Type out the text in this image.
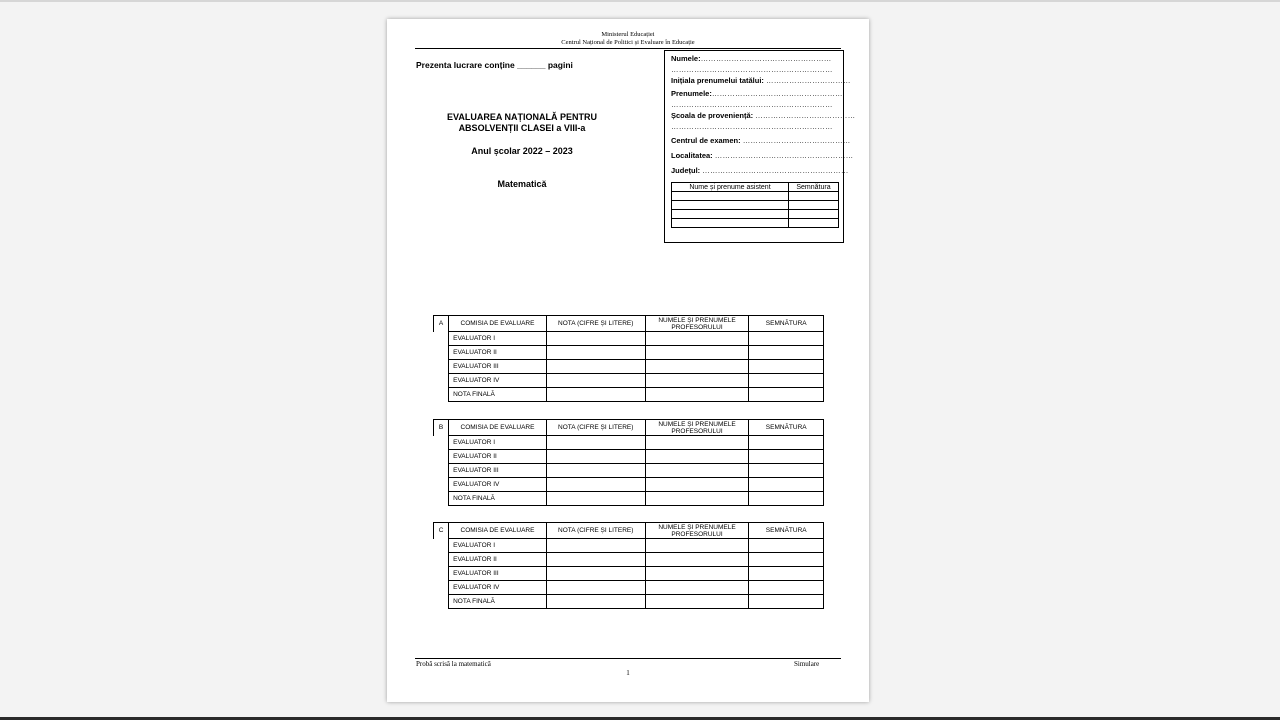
Ministerul Educației
Centrul Național de Politici și Evaluare în Educație
Prezenta lucrare conține ______ pagini
EVALUAREA NAȚIONALĂ PENTRU
ABSOLVENȚII CLASEI a VIII-a
Anul școlar 2022 – 2023
Matematică
Numele:……………………………………………
………………………………………………………
Inițiala prenumelui tatălui: ……………………………
Prenumele:……………………………………………
………………………………………………………
Școala de proveniență: …………………………………
………………………………………………………
Centrul de examen: ……………………………………
Localitatea: ………………………………………………
Județul: …………………………………………………
Nume și prenume asistent	Semnătura

A	COMISIA DE EVALUARE	NOTA (CIFRE ȘI LITERE)	NUMELE ȘI PRENUMELE PROFESORULUI	SEMNĂTURA
	EVALUATOR I			
	EVALUATOR II			
	EVALUATOR III			
	EVALUATOR IV			
	NOTA FINALĂ			
B	COMISIA DE EVALUARE	NOTA (CIFRE ȘI LITERE)	NUMELE ȘI PRENUMELE PROFESORULUI	SEMNĂTURA
	EVALUATOR I			
	EVALUATOR II			
	EVALUATOR III			
	EVALUATOR IV			
	NOTA FINALĂ			
C	COMISIA DE EVALUARE	NOTA (CIFRE ȘI LITERE)	NUMELE ȘI PRENUMELE PROFESORULUI	SEMNĂTURA
	EVALUATOR I			
	EVALUATOR II			
	EVALUATOR III			
	EVALUATOR IV			
	NOTA FINALĂ			
Probă scrisă la matematică	Simulare
1
